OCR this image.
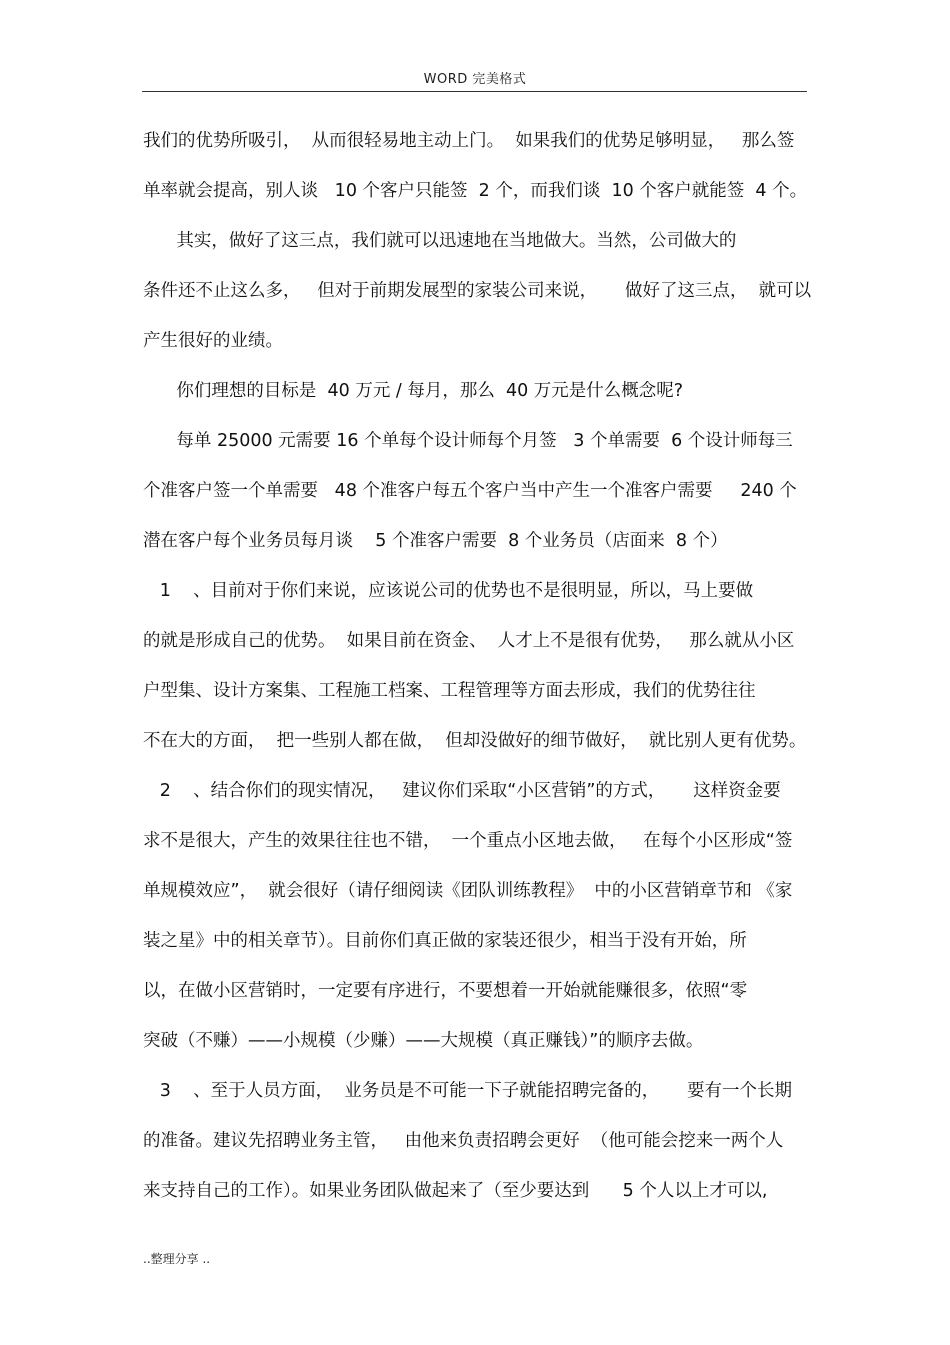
WORD 完美格式
我们的优势所吸引，  从而很轻易地主动上门。  如果我们的优势足够明显，   那么签
单率就会提高，别人谈   10 个客户只能签  2 个，而我们谈  10 个客户就能签  4 个。
其实，做好了这三点，我们就可以迅速地在当地做大。当然，公司做大的
条件还不止这么多，   但对于前期发展型的家装公司来说，     做好了这三点，  就可以
产生很好的业绩。
你们理想的目标是  40 万元 / 每月，那么  40 万元是什么概念呢?
每单 25000 元需要 16 个单每个设计师每个月签   3 个单需要  6 个设计师每三
个准客户签一个单需要   48 个准客户每五个客户当中产生一个准客户需要     240 个
潜在客户每个业务员每月谈    5 个准客户需要  8 个业务员（店面来  8 个）
1    、目前对于你们来说，应该说公司的优势也不是很明显，所以，马上要做
的就是形成自己的优势。  如果目前在资金、  人才上不是很有优势，   那么就从小区
户型集、设计方案集、工程施工档案、工程管理等方面去形成，我们的优势往往
不在大的方面，  把一些别人都在做，  但却没做好的细节做好，  就比别人更有优势。
2    、结合你们的现实情况，   建议你们采取“小区营销”的方式，     这样资金要
求不是很大，产生的效果往往也不错，  一个重点小区地去做，   在每个小区形成“签
单规模效应”，  就会很好（请仔细阅读《团队训练教程》  中的小区营销章节和 《家
装之星》中的相关章节）。目前你们真正做的家装还很少，相当于没有开始，所
以，在做小区营销时，一定要有序进行，不要想着一开始就能赚很多，依照“零
突破（不赚）——小规模（少赚）——大规模（真正赚钱）”的顺序去做。
3    、至于人员方面，  业务员是不可能一下子就能招聘完备的，     要有一个长期
的准备。建议先招聘业务主管，   由他来负责招聘会更好  （他可能会挖来一两个人
来支持自己的工作）。如果业务团队做起来了（至少要达到      5 个人以上才可以,
..整理分享 ..
